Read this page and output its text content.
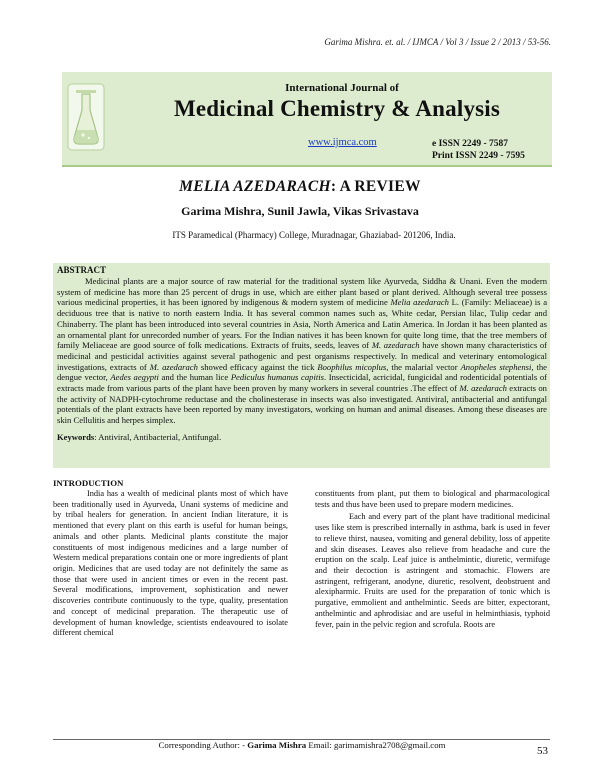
Garima Mishra. et. al. / IJMCA / Vol 3 / Issue 2 / 2013 / 53-56.
International Journal of
Medicinal Chemistry & Analysis
www.ijmca.com	e ISSN 2249 - 7587
Print ISSN 2249 - 7595
MELIA AZEDARACH: A REVIEW
Garima Mishra, Sunil Jawla, Vikas Srivastava
ITS Paramedical (Pharmacy) College, Muradnagar, Ghaziabad- 201206, India.

ABSTRACT

Medicinal plants are a major source of raw material for the traditional system like Ayurveda, Siddha & Unani. Even the modern system of medicine has more than 25 percent of drugs in use, which are either plant based or plant derived. Although several tree possess various medicinal properties, it has been ignored by indigenous & modern system of medicine Melia azedarach L. (Family: Meliaceae) is a deciduous tree that is native to north eastern India. It has several common names such as, White cedar, Persian lilac, Tulip cedar and Chinaberry. The plant has been introduced into several countries in Asia, North America and Latin America. In Jordan it has been planted as an ornamental plant for unrecorded number of years. For the Indian natives it has been known for quite long time, that the tree members of family Meliaceae are good source of folk medications. Extracts of fruits, seeds, leaves of M. azedarach have shown many characteristics of medicinal and pesticidal activities against several pathogenic and pest organisms respectively. In medical and veterinary entomological investigations, extracts of M. azedarach showed efficacy against the tick Boophilus micoplus, the malarial vector Anopheles stephensi, the dengue vector, Aedes aegypti and the human lice Pediculus humanus capitis. Insecticidal, acricidal, fungicidal and rodenticidal potentials of extracts made from various parts of the plant have been proven by many workers in several countries .The effect of M. azedarach extracts on the activity of NADPH-cytochrome reductase and the cholinesterase in insects was also investigated. Antiviral, antibacterial and antifungal potentials of the plant extracts have been reported by many investigators, working on human and animal diseases. Among these diseases are skin Cellulitis and herpes simplex.

Keywords: Antiviral, Antibacterial, Antifungal.

INTRODUCTION

India has a wealth of medicinal plants most of which have been traditionally used in Ayurveda, Unani systems of medicine and by tribal healers for generation. In ancient Indian literature, it is mentioned that every plant on this earth is useful for human beings, animals and other plants. Medicinal plants constitute the major constituents of most indigenous medicines and a large number of Western medical preparations contain one or more ingredients of plant origin. Medicines that are used today are not definitely the same as those that were used in ancient times or even in the recent past. Several modifications, improvement, sophistication and newer discoveries contribute continuously to the type, quality, presentation and concept of medicinal preparation. The therapeutic use of development of human knowledge, scientists endeavoured to isolate different chemical

constituents from plant, put them to biological and pharmacological tests and thus have been used to prepare modern medicines.

Each and every part of the plant have traditional medicinal uses like stem is prescribed internally in asthma, bark is used in fever to relieve thirst, nausea, vomiting and general debility, loss of appetite and skin diseases. Leaves also relieve from headache and cure the eruption on the scalp. Leaf juice is anthelmintic, diuretic, vermifuge and their decoction is astringent and stomachic. Flowers are astringent, refrigerant, anodyne, diuretic, resolvent, deobstruent and alexipharmic. Fruits are used for the preparation of tonic which is purgative, emmolient and anthelmintic. Seeds are bitter, expectorant, anthelmintic and aphrodisiac and are useful in helminthiasis, typhoid fever, pain in the pelvic region and scrofula. Roots are

Corresponding Author: - Garima Mishra Email: garimamishra2708@gmail.com	53
